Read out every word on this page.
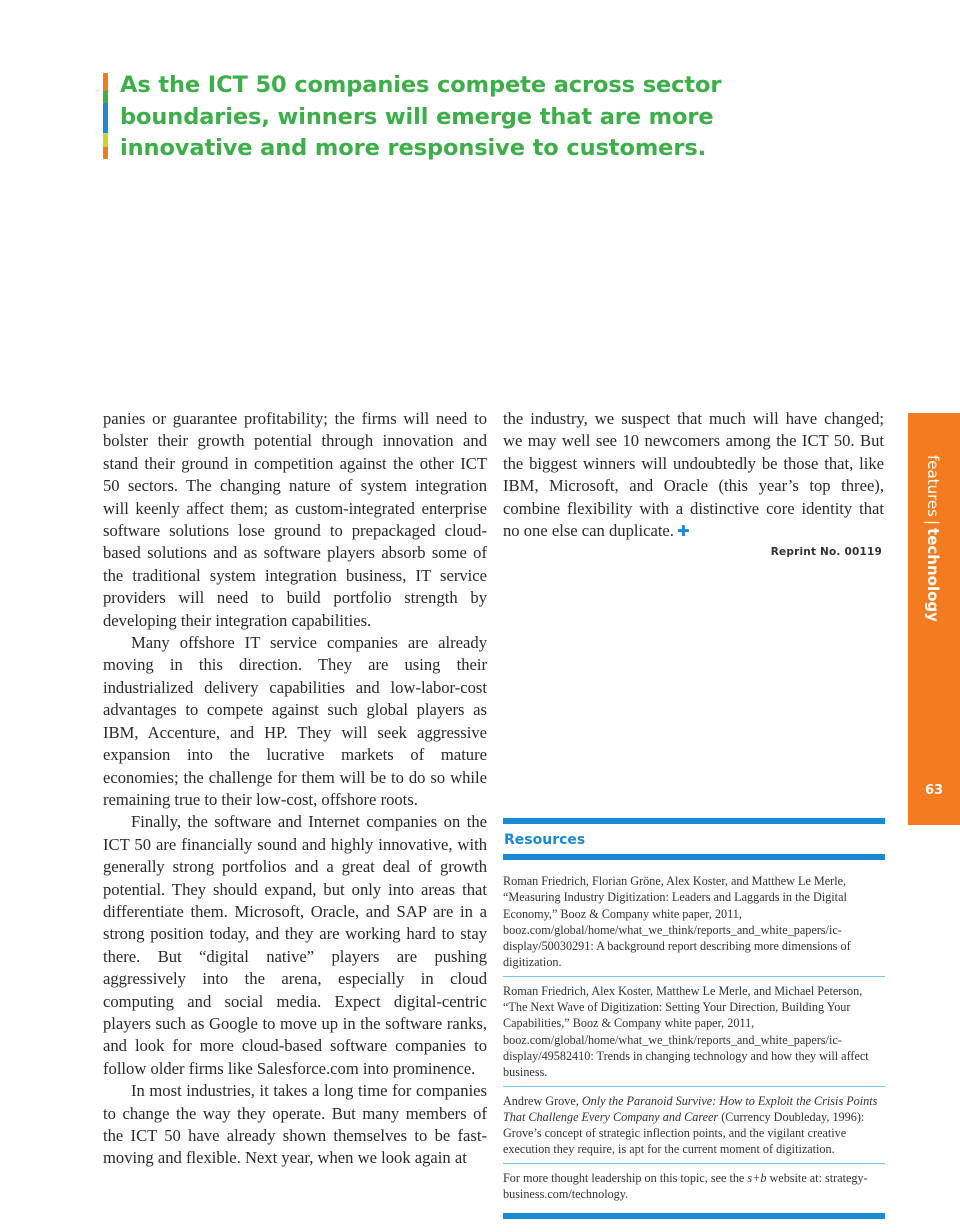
As the ICT 50 companies compete across sector boundaries, winners will emerge that are more innovative and more responsive to customers.

panies or guarantee profitability; the firms will need to bolster their growth potential through innovation and stand their ground in competition against the other ICT 50 sectors. The changing nature of system integration will keenly affect them; as custom-integrated enterprise software solutions lose ground to prepackaged cloud-based solutions and as software players absorb some of the traditional system integration business, IT service providers will need to build portfolio strength by developing their integration capabilities.

Many offshore IT service companies are already moving in this direction. They are using their industrialized delivery capabilities and low-labor-cost advantages to compete against such global players as IBM, Accenture, and HP. They will seek aggressive expansion into the lucrative markets of mature economies; the challenge for them will be to do so while remaining true to their low-cost, offshore roots.

Finally, the software and Internet companies on the ICT 50 are financially sound and highly innovative, with generally strong portfolios and a great deal of growth potential. They should expand, but only into areas that differentiate them. Microsoft, Oracle, and SAP are in a strong position today, and they are working hard to stay there. But “digital native” players are pushing aggressively into the arena, especially in cloud computing and social media. Expect digital-centric players such as Google to move up in the software ranks, and look for more cloud-based software companies to follow older firms like Salesforce.com into prominence.

In most industries, it takes a long time for companies to change the way they operate. But many members of the ICT 50 have already shown themselves to be fast-moving and flexible. Next year, when we look again at

the industry, we suspect that much will have changed; we may well see 10 newcomers among the ICT 50. But the biggest winners will undoubtedly be those that, like IBM, Microsoft, and Oracle (this year’s top three), combine flexibility with a distinctive core identity that no one else can duplicate. ✚

Reprint No. 00119
features|technology
63
Resources
Roman Friedrich, Florian Gröne, Alex Koster, and Matthew Le Merle, “Measuring Industry Digitization: Leaders and Laggards in the Digital Economy,” Booz & Company white paper, 2011, booz.com/global/home/what_we_think/reports_and_white_papers/ic-display/50030291: A background report describing more dimensions of digitization.
Roman Friedrich, Alex Koster, Matthew Le Merle, and Michael Peterson, “The Next Wave of Digitization: Setting Your Direction, Building Your Capabilities,” Booz & Company white paper, 2011, booz.com/global/home/what_we_think/reports_and_white_papers/ic-display/49582410: Trends in changing technology and how they will affect business.
Andrew Grove, Only the Paranoid Survive: How to Exploit the Crisis Points That Challenge Every Company and Career (Currency Doubleday, 1996): Grove’s concept of strategic inflection points, and the vigilant creative execution they require, is apt for the current moment of digitization.
For more thought leadership on this topic, see the s+b website at: strategy-business.com/technology.
